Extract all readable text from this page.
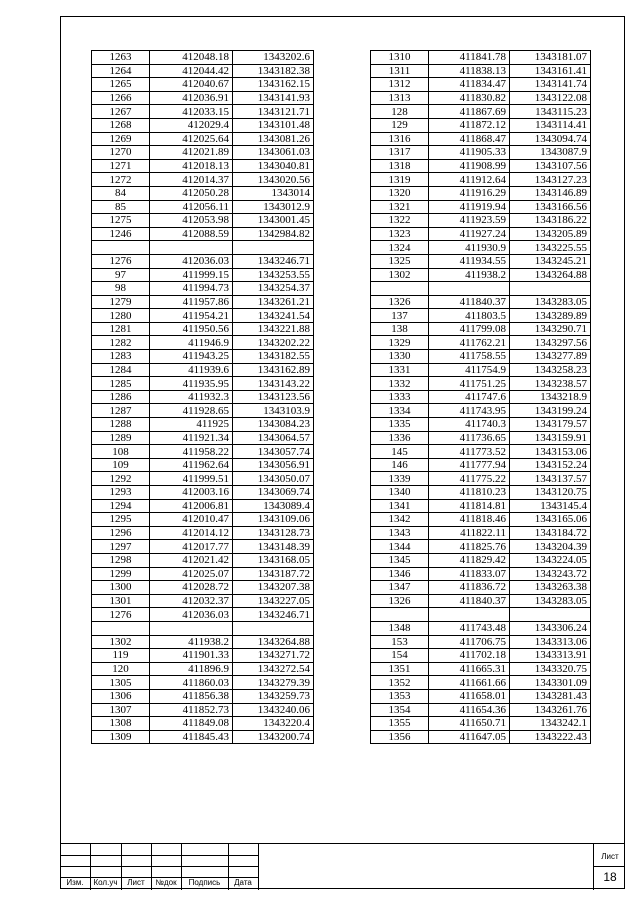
1263	412048.18	1343202.6
1264	412044.42	1343182.38
1265	412040.67	1343162.15
1266	412036.91	1343141.93
1267	412033.15	1343121.71
1268	412029.4	1343101.48
1269	412025.64	1343081.26
1270	412021.89	1343061.03
1271	412018.13	1343040.81
1272	412014.37	1343020.56
84	412050.28	1343014
85	412056.11	1343012.9
1275	412053.98	1343001.45
1246	412088.59	1342984.82

1276	412036.03	1343246.71
97	411999.15	1343253.55
98	411994.73	1343254.37
1279	411957.86	1343261.21
1280	411954.21	1343241.54
1281	411950.56	1343221.88
1282	411946.9	1343202.22
1283	411943.25	1343182.55
1284	411939.6	1343162.89
1285	411935.95	1343143.22
1286	411932.3	1343123.56
1287	411928.65	1343103.9
1288	411925	1343084.23
1289	411921.34	1343064.57
108	411958.22	1343057.74
109	411962.64	1343056.91
1292	411999.51	1343050.07
1293	412003.16	1343069.74
1294	412006.81	1343089.4
1295	412010.47	1343109.06
1296	412014.12	1343128.73
1297	412017.77	1343148.39
1298	412021.42	1343168.05
1299	412025.07	1343187.72
1300	412028.72	1343207.38
1301	412032.37	1343227.05
1276	412036.03	1343246.71

1302	411938.2	1343264.88
119	411901.33	1343271.72
120	411896.9	1343272.54
1305	411860.03	1343279.39
1306	411856.38	1343259.73
1307	411852.73	1343240.06
1308	411849.08	1343220.4
1309	411845.43	1343200.74
1310	411841.78	1343181.07
1311	411838.13	1343161.41
1312	411834.47	1343141.74
1313	411830.82	1343122.08
128	411867.69	1343115.23
129	411872.12	1343114.41
1316	411868.47	1343094.74
1317	411905.33	1343087.9
1318	411908.99	1343107.56
1319	411912.64	1343127.23
1320	411916.29	1343146.89
1321	411919.94	1343166.56
1322	411923.59	1343186.22
1323	411927.24	1343205.89
1324	411930.9	1343225.55
1325	411934.55	1343245.21
1302	411938.2	1343264.88

1326	411840.37	1343283.05
137	411803.5	1343289.89
138	411799.08	1343290.71
1329	411762.21	1343297.56
1330	411758.55	1343277.89
1331	411754.9	1343258.23
1332	411751.25	1343238.57
1333	411747.6	1343218.9
1334	411743.95	1343199.24
1335	411740.3	1343179.57
1336	411736.65	1343159.91
145	411773.52	1343153.06
146	411777.94	1343152.24
1339	411775.22	1343137.57
1340	411810.23	1343120.75
1341	411814.81	1343145.4
1342	411818.46	1343165.06
1343	411822.11	1343184.72
1344	411825.76	1343204.39
1345	411829.42	1343224.05
1346	411833.07	1343243.72
1347	411836.72	1343263.38
1326	411840.37	1343283.05

1348	411743.48	1343306.24
153	411706.75	1343313.06
154	411702.18	1343313.91
1351	411665.31	1343320.75
1352	411661.66	1343301.09
1353	411658.01	1343281.43
1354	411654.36	1343261.76
1355	411650.71	1343242.1
1356	411647.05	1343222.43
Изм.	Кол.уч	Лист	№док	Подпись	Дата
Лист
18
